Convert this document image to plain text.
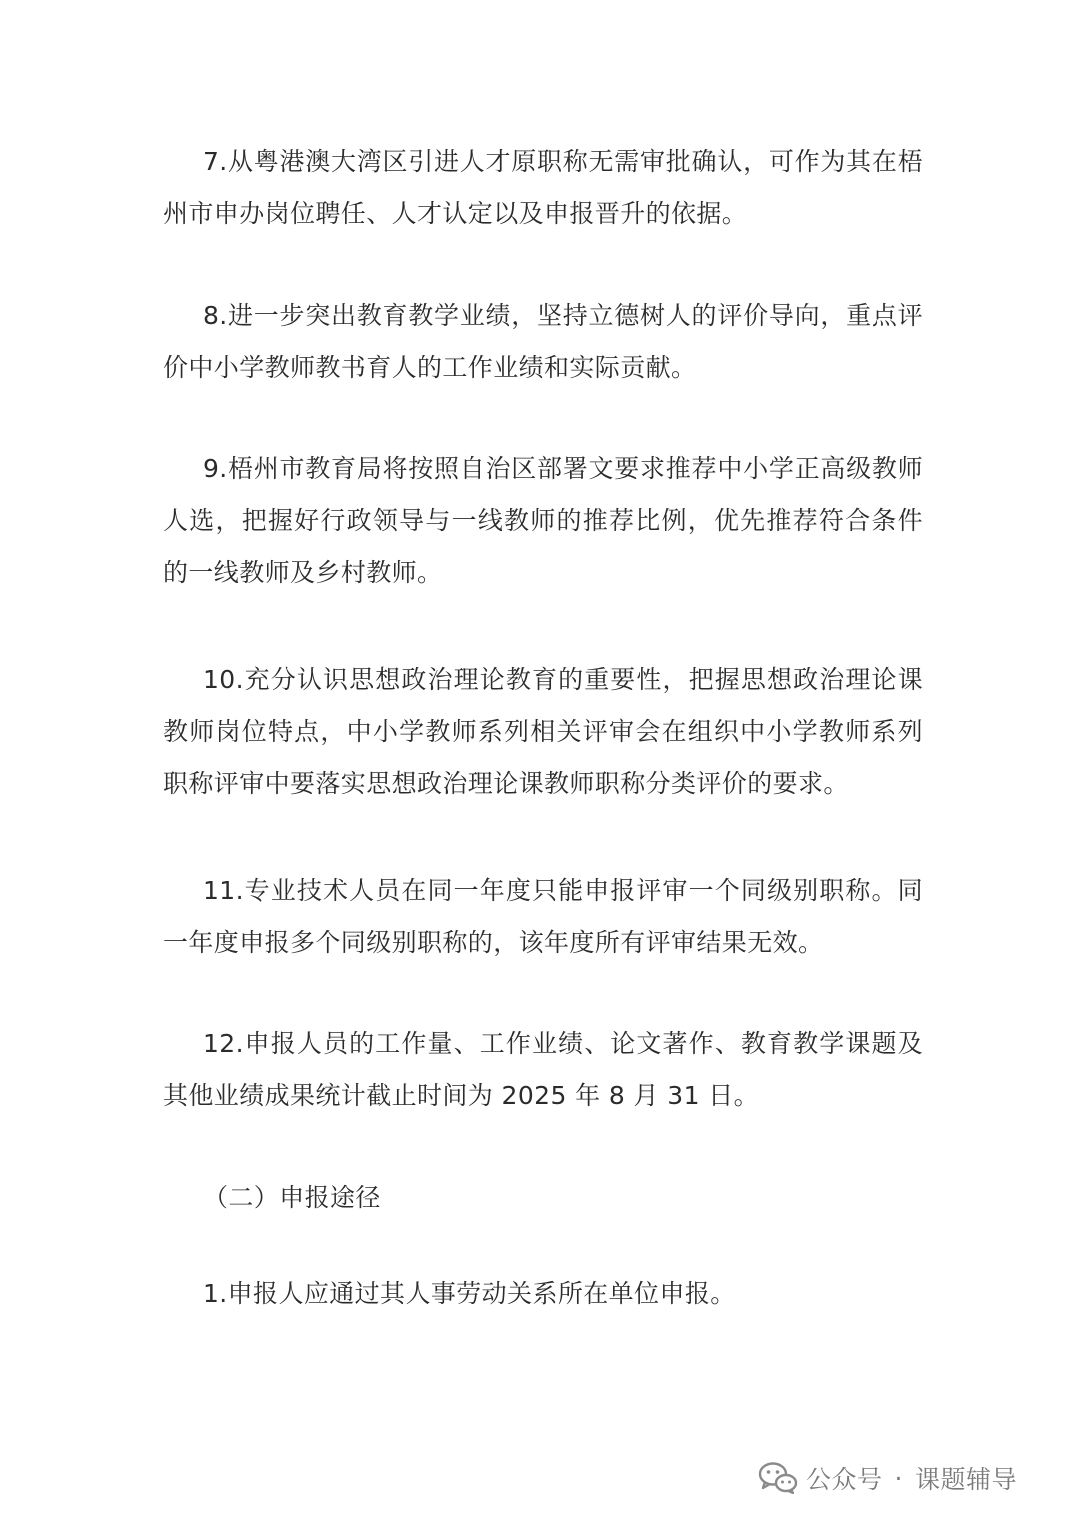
7.从粤港澳大湾区引进人才原职称无需审批确认，可作为其在梧州市申办岗位聘任、人才认定以及申报晋升的依据。

8.进一步突出教育教学业绩，坚持立德树人的评价导向，重点评价中小学教师教书育人的工作业绩和实际贡献。

9.梧州市教育局将按照自治区部署文要求推荐中小学正高级教师人选，把握好行政领导与一线教师的推荐比例，优先推荐符合条件的一线教师及乡村教师。

10.充分认识思想政治理论教育的重要性，把握思想政治理论课教师岗位特点，中小学教师系列相关评审会在组织中小学教师系列职称评审中要落实思想政治理论课教师职称分类评价的要求。

11.专业技术人员在同一年度只能申报评审一个同级别职称。同一年度申报多个同级别职称的，该年度所有评审结果无效。

12.申报人员的工作量、工作业绩、论文著作、教育教学课题及其他业绩成果统计截止时间为 2025 年 8 月 31 日。

（二）申报途径

1.申报人应通过其人事劳动关系所在单位申报。

公众号 · 课题辅导
